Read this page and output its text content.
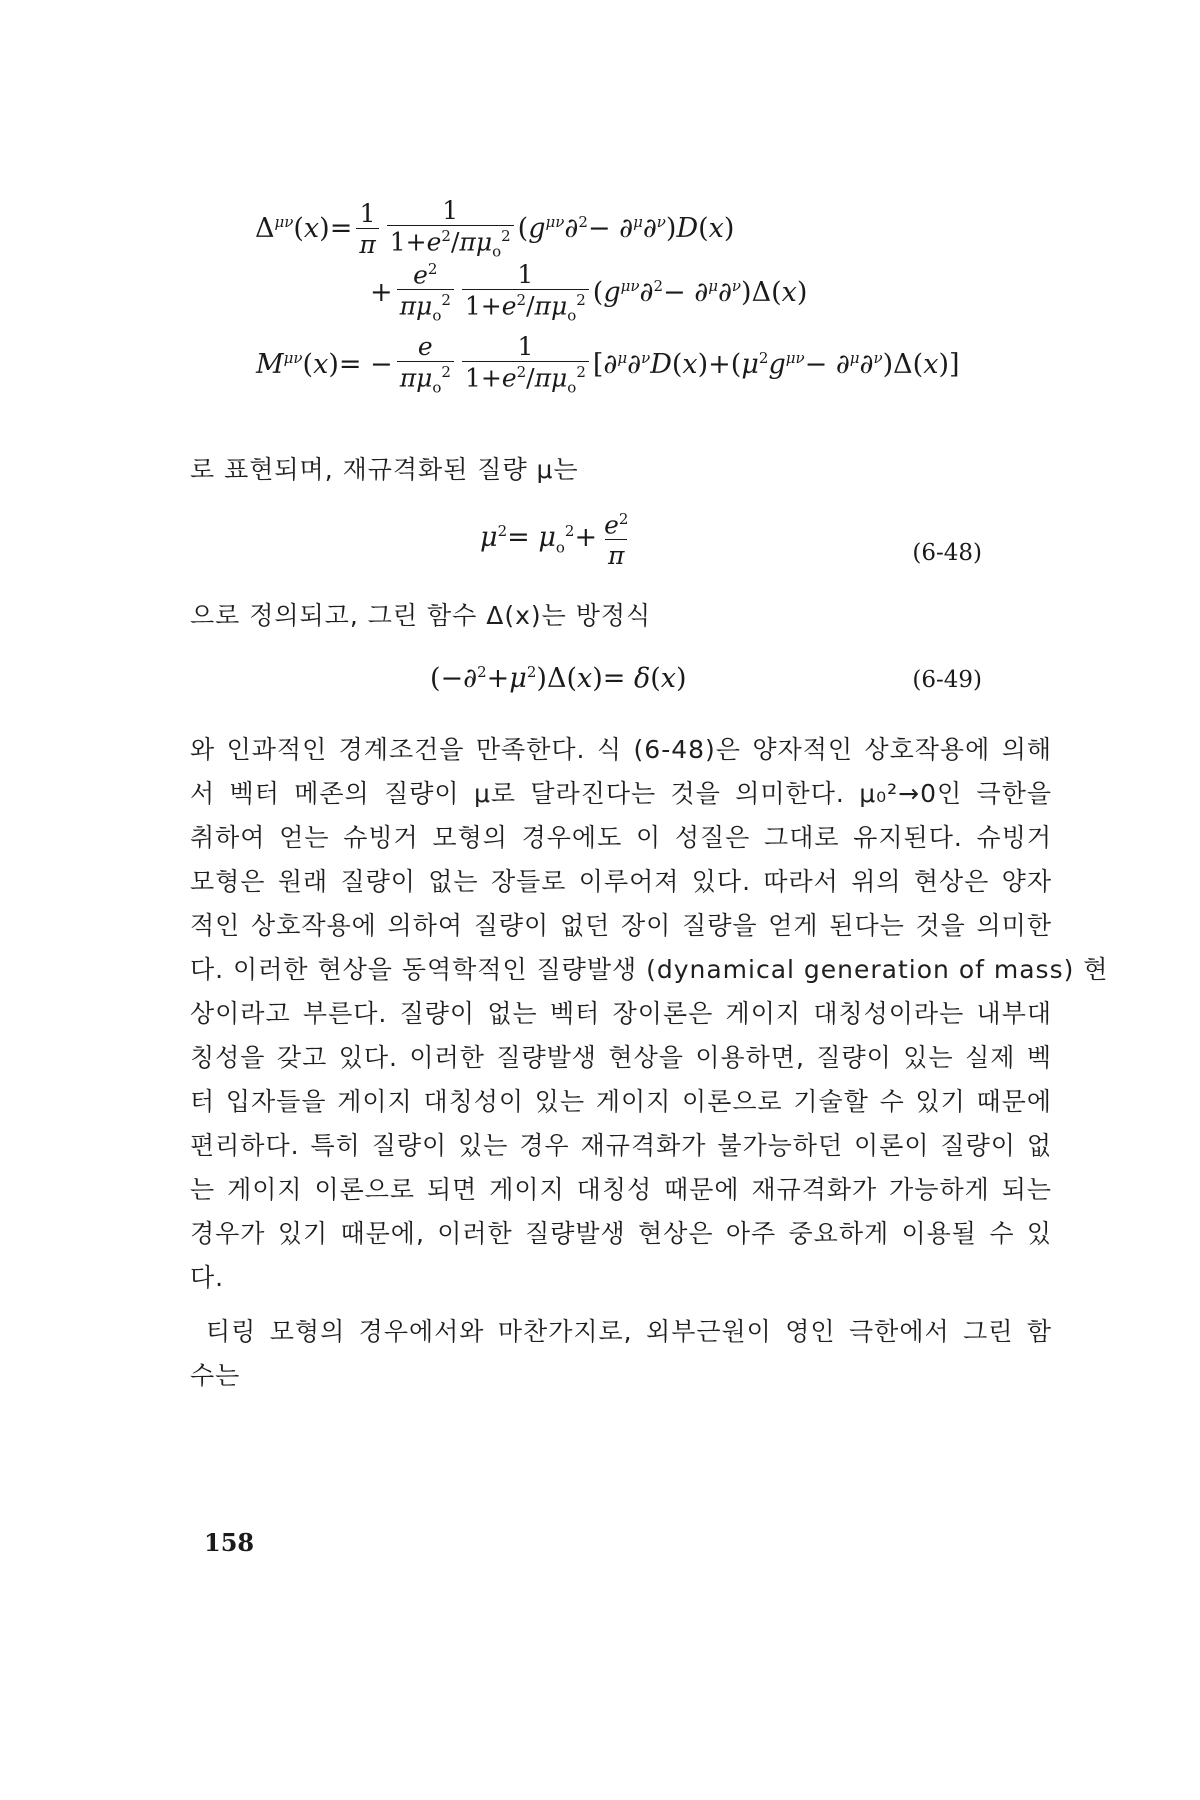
$\Delta^{\mu\nu}(x)= \frac{1}{\pi} \frac{1}{1+e^2/\pi\mu_o^2} (g^{\mu\nu}\partial^2- \partial^\mu\partial^\nu)D(x)$
+ $\frac{e^2}{\pi\mu_o^2} \frac{1}{1+e^2/\pi\mu_o^2} (g^{\mu\nu}\partial^2- \partial^\mu\partial^\nu)\Delta(x)$
$M^{\mu\nu}(x)= - \frac{e}{\pi\mu_o^2} \frac{1}{1+e^2/\pi\mu_o^2} [\partial^\mu\partial^\nu D(x)+(\mu^2g^{\mu\nu}- \partial^\mu\partial^\nu)\Delta(x)]$
로 표현되며, 재규격화된 질량 μ는
$\mu^2= \mu_o^2+ \frac{e^2}{\pi}$	(6-48)
으로 정의되고, 그린 함수 Δ(x)는 방정식
$(-\partial^2+\mu^2)\Delta(x)= \delta(x)$	(6-49)
와 인과적인 경계조건을 만족한다. 식 (6-48)은 양자적인 상호작용에 의해
서 벡터 메존의 질량이 μ로 달라진다는 것을 의미한다. μ₀²→0인 극한을
취하여 얻는 슈빙거 모형의 경우에도 이 성질은 그대로 유지된다. 슈빙거
모형은 원래 질량이 없는 장들로 이루어져 있다. 따라서 위의 현상은 양자
적인 상호작용에 의하여 질량이 없던 장이 질량을 얻게 된다는 것을 의미한
다. 이러한 현상을 동역학적인 질량발생 (dynamical generation of mass) 현
상이라고 부른다. 질량이 없는 벡터 장이론은 게이지 대칭성이라는 내부대
칭성을 갖고 있다. 이러한 질량발생 현상을 이용하면, 질량이 있는 실제 벡
터 입자들을 게이지 대칭성이 있는 게이지 이론으로 기술할 수 있기 때문에
편리하다. 특히 질량이 있는 경우 재규격화가 불가능하던 이론이 질량이 없
는 게이지 이론으로 되면 게이지 대칭성 때문에 재규격화가 가능하게 되는
경우가 있기 때문에, 이러한 질량발생 현상은 아주 중요하게 이용될 수 있
다.
티링 모형의 경우에서와 마찬가지로, 외부근원이 영인 극한에서 그린 함
수는
158
